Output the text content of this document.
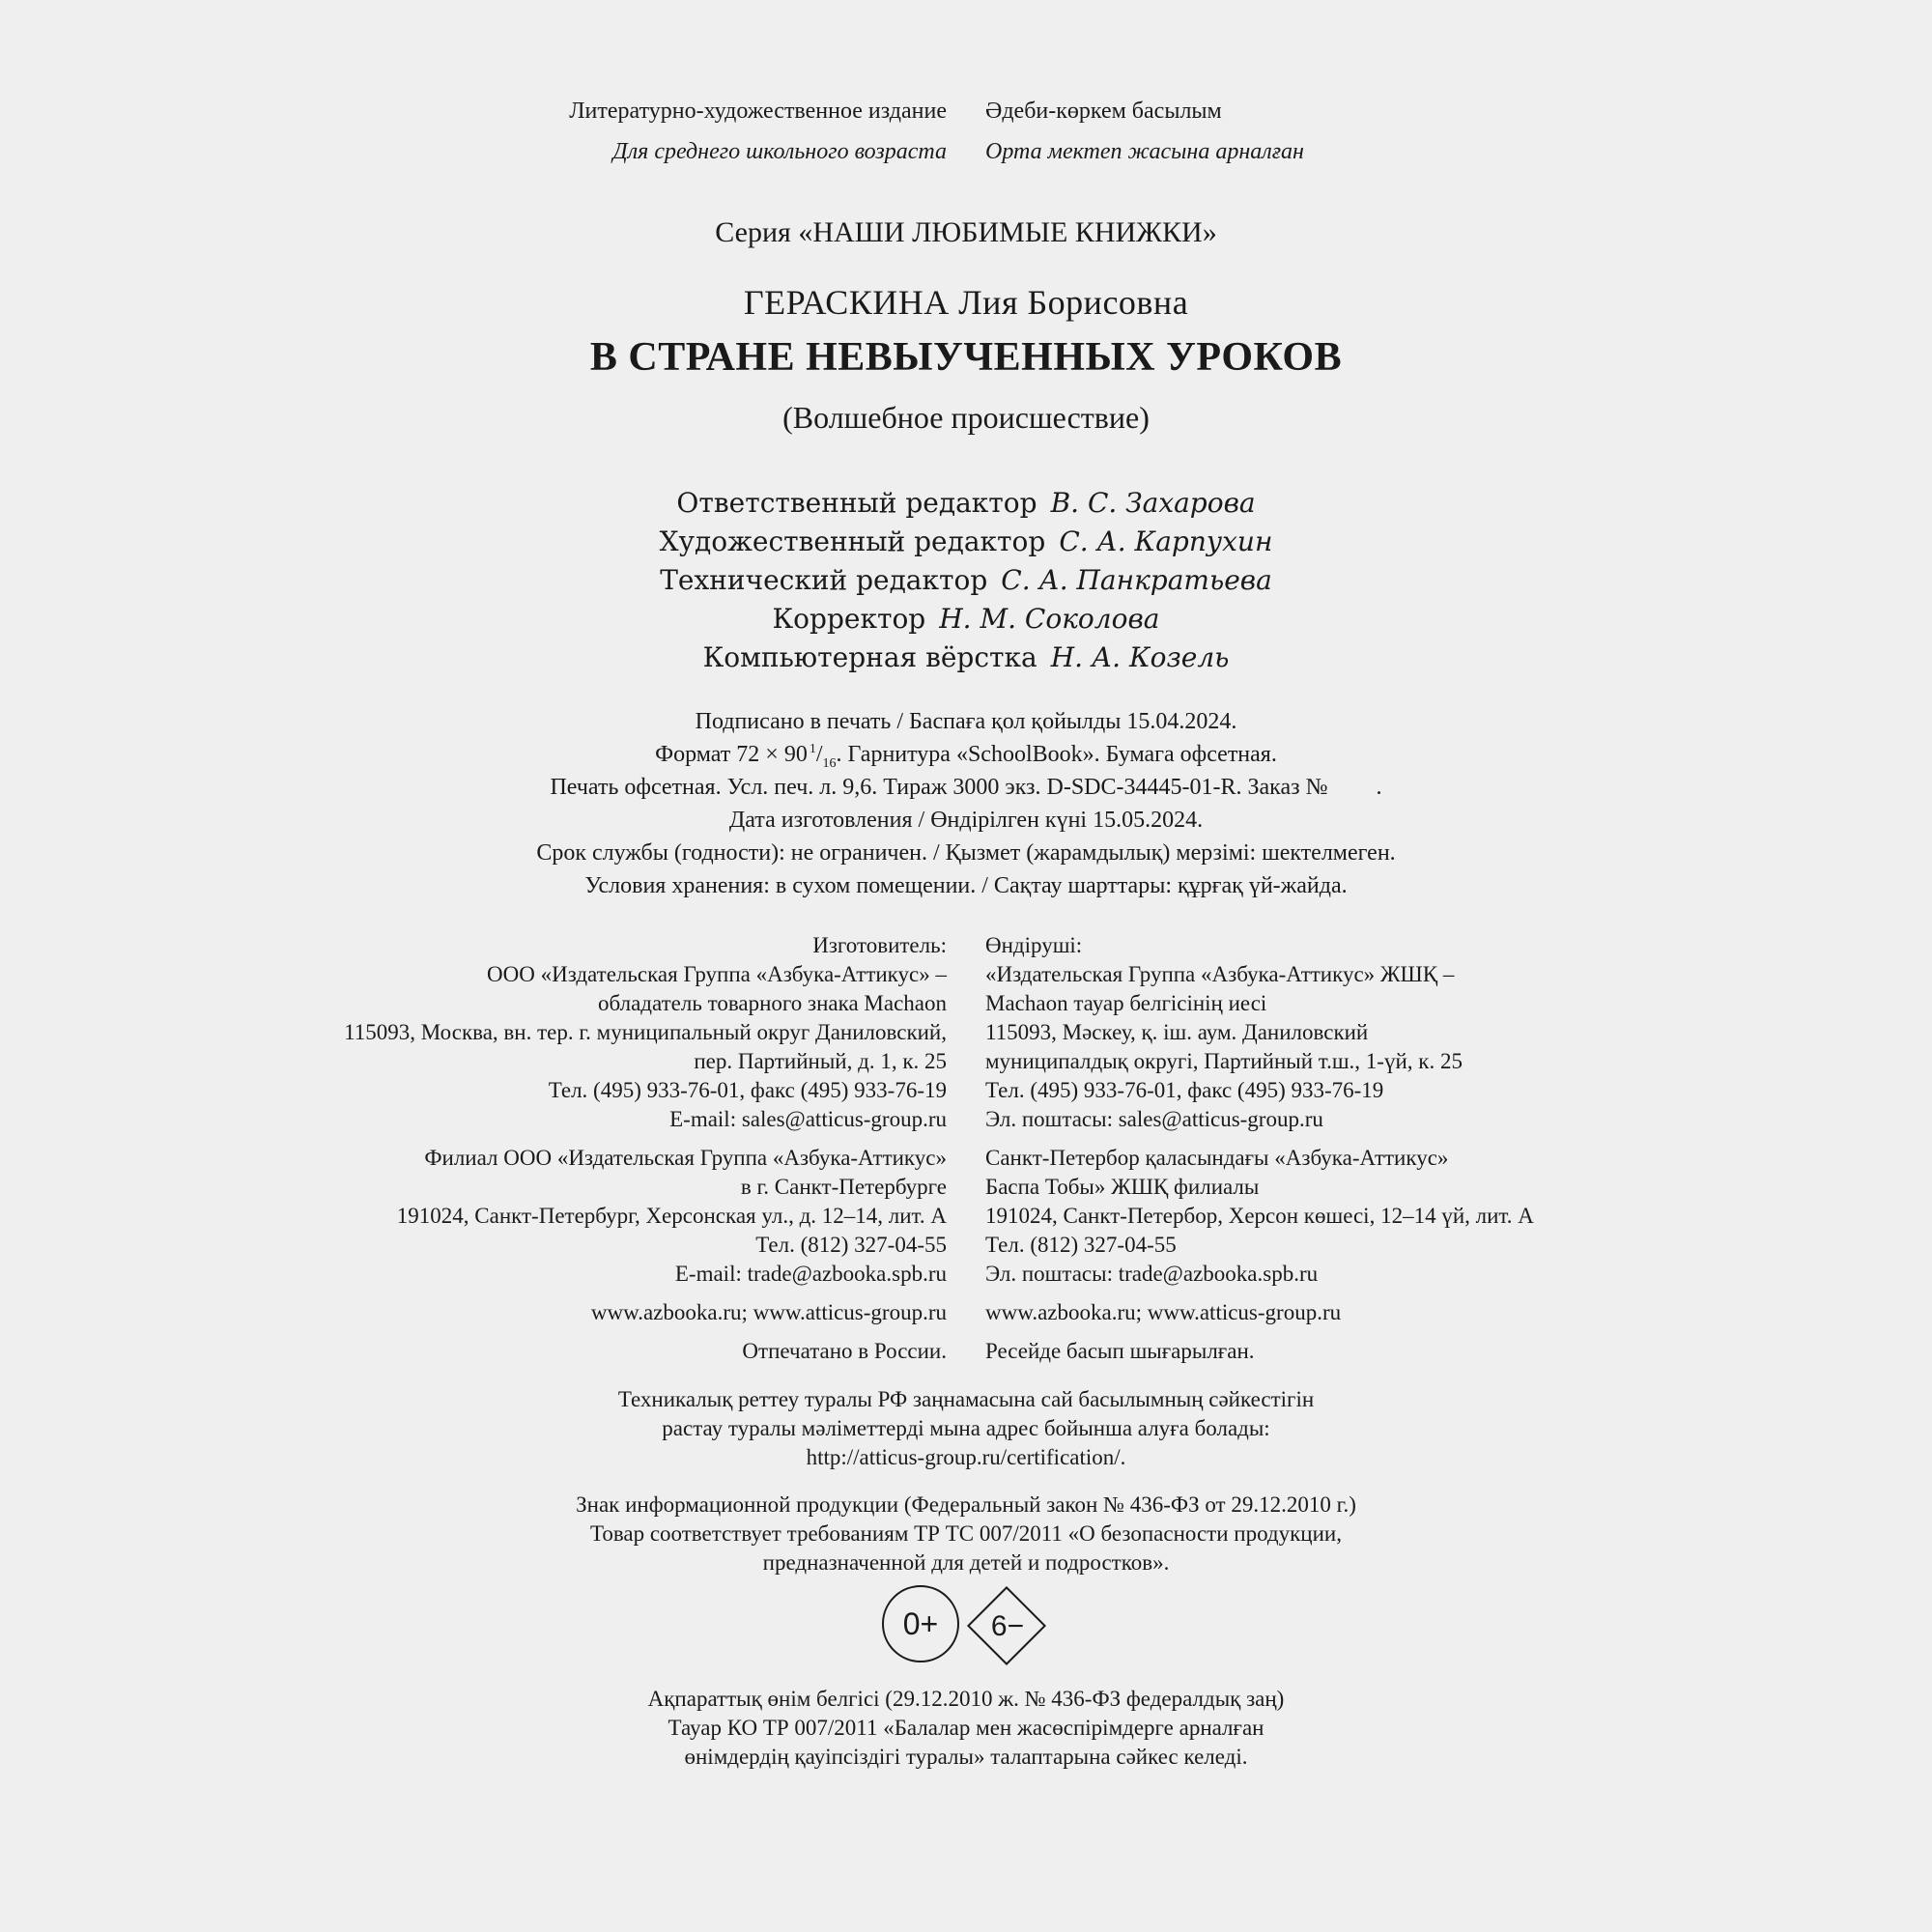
Литературно-художественное издание Әдеби-көркем басылым
Для среднего школьного возраста Орта мектеп жасына арналған
Серия «НАШИ ЛЮБИМЫЕ КНИЖКИ»
ГЕРАСКИНА Лия Борисовна
В СТРАНЕ НЕВЫУЧЕННЫХ УРОКОВ
(Волшебное происшествие)
Ответственный редактор В. С. Захарова
Художественный редактор С. А. Карпухин
Технический редактор С. А. Панкратьева
Корректор Н. М. Соколова
Компьютерная вёрстка Н. А. Козель
Подписано в печать / Баспаға қол қойылды 15.04.2024.
Формат 72 × 90  $^1/_{16}$. Гарнитура «SchoolBook». Бумага офсетная.
Печать офсетная. Усл. печ. л. 9,6. Тираж 3000 экз. D-SDC-34445-01-R. Заказ № .
Дата изготовления / Өндірілген күні 15.05.2024.
Срок службы (годности): не ограничен. / Қызмет (жарамдылық) мерзімі: шектелмеген.
Условия хранения: в сухом помещении. / Сақтау шарттары: құрғақ үй-жайда.
Изготовитель: Өндіруші:
ООО «Издательская Группа «Азбука-Аттикус» – «Издательская Группа «Азбука-Аттикус» ЖШҚ –
обладатель товарного знака Machaon Machaon тауар белгісінің иесі
115093, Москва, вн. тер. г. муниципальный округ Даниловский, 115093, Мәскеу, қ. іш. аум. Даниловский
пер. Партийный, д. 1, к. 25 муниципалдық округі, Партийный т.ш., 1-үй, к. 25
Тел. (495) 933-76-01, факс (495) 933-76-19 Тел. (495) 933-76-01, факс (495) 933-76-19
E-mail: sales@atticus-group.ru Эл. поштасы: sales@atticus-group.ru
Филиал ООО «Издательская Группа «Азбука-Аттикус» Санкт-Петербор қаласындағы «Азбука-Аттикус»
в г. Санкт-Петербурге Баспа Тобы» ЖШҚ филиалы
191024, Санкт-Петербург, Херсонская ул., д. 12–14, лит. А 191024, Санкт-Петербор, Херсон көшесі, 12–14 үй, лит. А
Тел. (812) 327-04-55 Тел. (812) 327-04-55
E-mail: trade@azbooka.spb.ru Эл. поштасы: trade@azbooka.spb.ru
www.azbooka.ru; www.atticus-group.ru www.azbooka.ru; www.atticus-group.ru
Отпечатано в России. Ресейде басып шығарылған.
Техникалық реттеу туралы РФ заңнамасына сай басылымның сәйкестігін
растау туралы мәліметтерді мына адрес бойынша алуға болады:
http://atticus-group.ru/certification/.
Знак информационной продукции (Федеральный закон № 436-ФЗ от 29.12.2010 г.)
Товар соответствует требованиям ТР ТС 007/2011 «О безопасности продукции,
предназначенной для детей и подростков».
0+	6−
Ақпараттық өнім белгісі (29.12.2010 ж. № 436-ФЗ федералдық заң)
Тауар КО ТР 007/2011 «Балалар мен жасөспірімдерге арналған
өнімдердің қауіпсіздігі туралы» талаптарына сәйкес келеді.
